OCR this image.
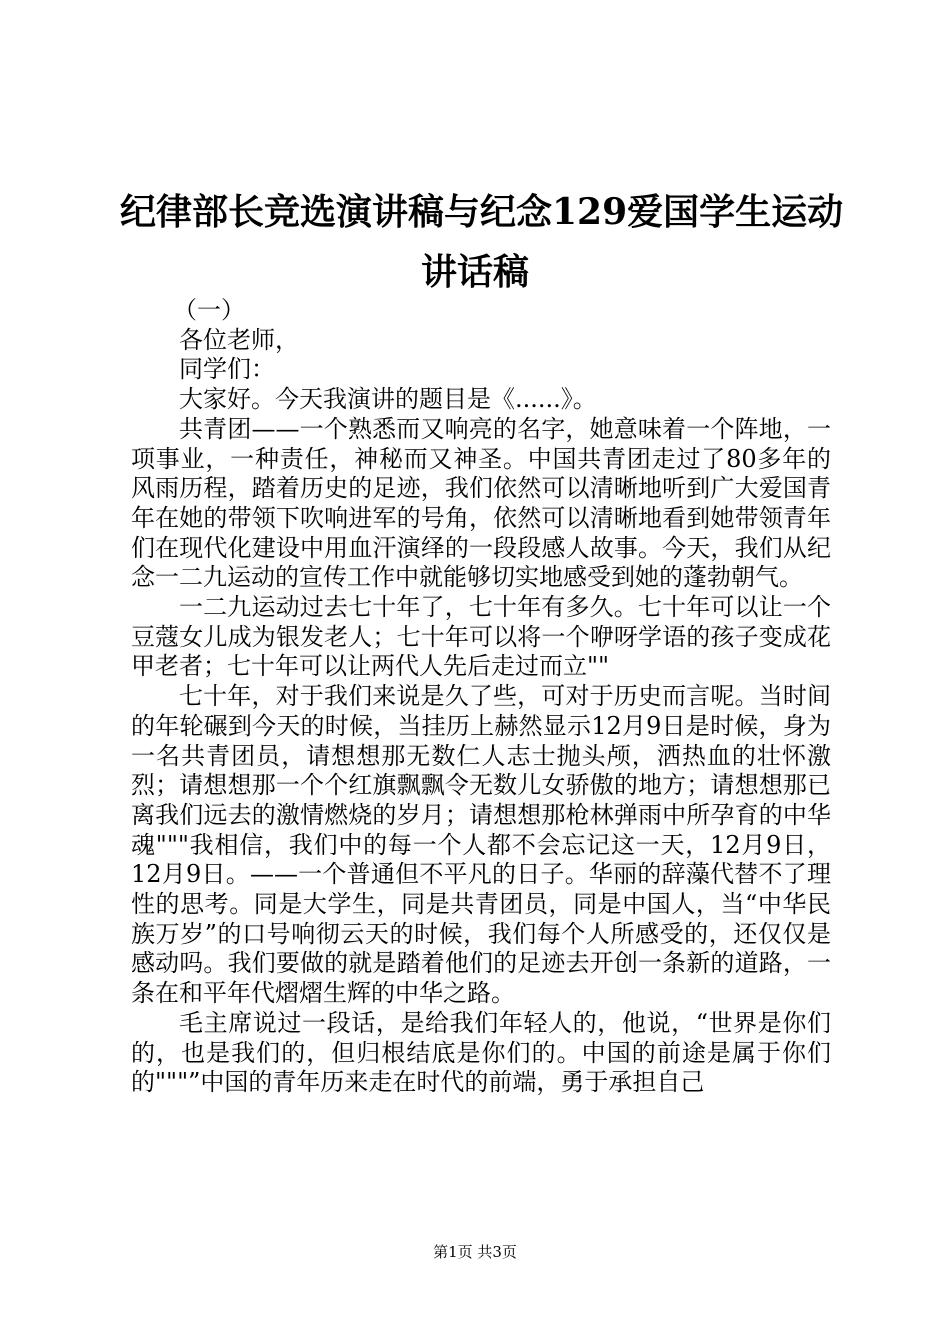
纪律部长竞选演讲稿与纪念129爱国学生运动
讲话稿

（一）

各位老师，

同学们：

大家好。今天我演讲的题目是《......》。

共青团——一个熟悉而又响亮的名字，她意味着一个阵地，一项事业，一种责任，神秘而又神圣。中国共青团走过了80多年的风雨历程，踏着历史的足迹，我们依然可以清晰地听到广大爱国青年在她的带领下吹响进军的号角，依然可以清晰地看到她带领青年们在现代化建设中用血汗演绎的一段段感人故事。今天，我们从纪念一二九运动的宣传工作中就能够切实地感受到她的蓬勃朝气。

一二九运动过去七十年了，七十年有多久。七十年可以让一个豆蔻女儿成为银发老人；七十年可以将一个咿呀学语的孩子变成花甲老者；七十年可以让两代人先后走过而立""

七十年，对于我们来说是久了些，可对于历史而言呢。当时间的年轮碾到今天的时候，当挂历上赫然显示12月9日是时候，身为一名共青团员，请想想那无数仁人志士抛头颅，洒热血的壮怀激烈；请想想那一个个红旗飘飘令无数儿女骄傲的地方；请想想那已离我们远去的激情燃烧的岁月；请想想那枪林弹雨中所孕育的中华魂"""我相信，我们中的每一个人都不会忘记这一天，12月9日，12月9日。——一个普通但不平凡的日子。华丽的辞藻代替不了理性的思考。同是大学生，同是共青团员，同是中国人，当“中华民族万岁”的口号响彻云天的时候，我们每个人所感受的，还仅仅是感动吗。我们要做的就是踏着他们的足迹去开创一条新的道路，一条在和平年代熠熠生辉的中华之路。

毛主席说过一段话，是给我们年轻人的，他说，“世界是你们的，也是我们的，但归根结底是你们的。中国的前途是属于你们的"""”中国的青年历来走在时代的前端，勇于承担自己

第1页 共3页
